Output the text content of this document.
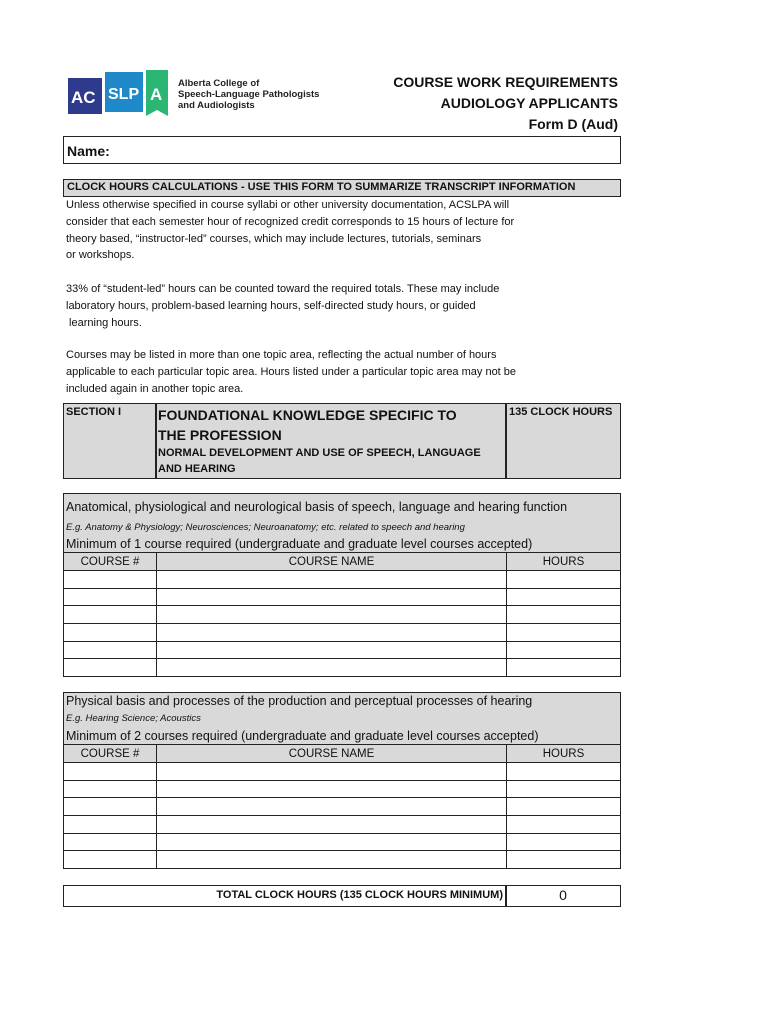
AC SLP A
Alberta College of
Speech-Language Pathologists
and Audiologists
COURSE WORK REQUIREMENTS
AUDIOLOGY APPLICANTS
Form D (Aud)
Name:
CLOCK HOURS CALCULATIONS - USE THIS FORM TO SUMMARIZE TRANSCRIPT INFORMATION
Unless otherwise specified in course syllabi or other university documentation, ACSLPA will
consider that each semester hour of recognized credit corresponds to 15 hours of lecture for
theory based, “instructor-led” courses, which may include lectures, tutorials, seminars
or workshops.
33% of “student-led” hours can be counted toward the required totals. These may include
laboratory hours, problem-based learning hours, self-directed study hours, or guided
learning hours.
Courses may be listed in more than one topic area, reflecting the actual number of hours
applicable to each particular topic area. Hours listed under a particular topic area may not be
included again in another topic area.
SECTION I	FOUNDATIONAL KNOWLEDGE SPECIFIC TO
THE PROFESSION
NORMAL DEVELOPMENT AND USE OF SPEECH, LANGUAGE
AND HEARING
135 CLOCK HOURS
Anatomical, physiological and neurological basis of speech, language and hearing function
E.g. Anatomy & Physiology; Neurosciences; Neuroanatomy; etc. related to speech and hearing
Minimum of 1 course required (undergraduate and graduate level courses accepted)
COURSE #	COURSE NAME	HOURS

Physical basis and processes of the production and perceptual processes of hearing
E.g. Hearing Science; Acoustics
Minimum of 2 courses required (undergraduate and graduate level courses accepted)
COURSE #	COURSE NAME	HOURS

TOTAL CLOCK HOURS (135 CLOCK HOURS MINIMUM)	0
